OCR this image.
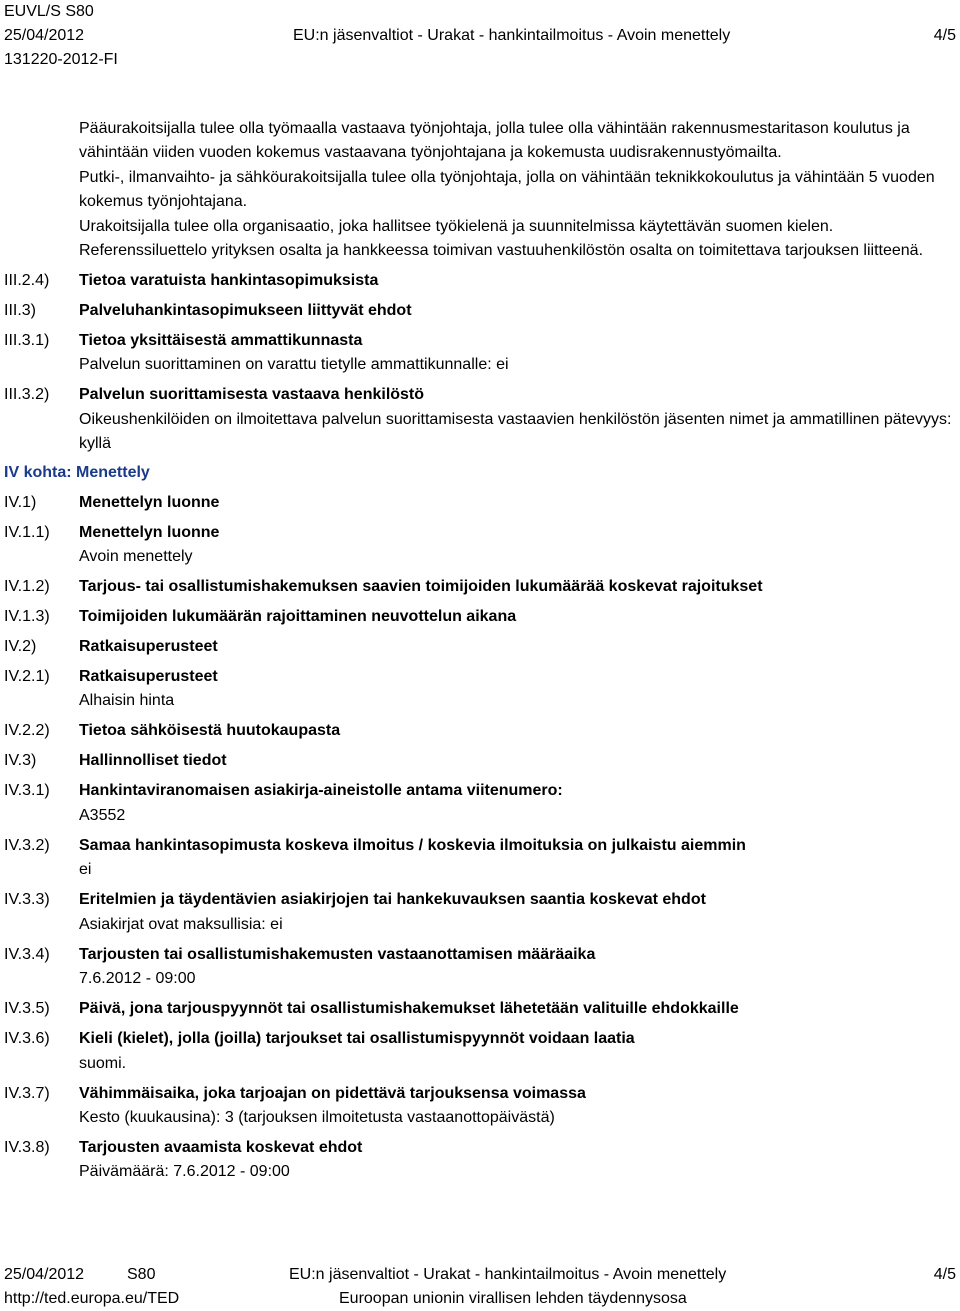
EUVL/S S80
25/04/2012	EU:n jäsenvaltiot - Urakat - hankintailmoitus - Avoin menettely	4/5
131220-2012-FI

Pääurakoitsijalla tulee olla työmaalla vastaava työnjohtaja, jolla tulee olla vähintään rakennusmestaritason koulutus ja vähintään viiden vuoden kokemus vastaavana työnjohtajana ja kokemusta uudisrakennustyömailta.

Putki-, ilmanvaihto- ja sähköurakoitsijalla tulee olla työnjohtaja, jolla on vähintään teknikkokoulutus ja vähintään 5 vuoden kokemus työnjohtajana.

Urakoitsijalla tulee olla organisaatio, joka hallitsee työkielenä ja suunnitelmissa käytettävän suomen kielen.

Referenssiluettelo yrityksen osalta ja hankkeessa toimivan vastuuhenkilöstön osalta on toimitettava tarjouksen liitteenä.

III.2.4) Tietoa varatuista hankintasopimuksista
III.3)	Palveluhankintasopimukseen liittyvät ehdot
III.3.1) Tietoa yksittäisestä ammattikunnasta
Palvelun suorittaminen on varattu tietylle ammattikunnalle: ei
III.3.2) Palvelun suorittamisesta vastaava henkilöstö
Oikeushenkilöiden on ilmoitettava palvelun suorittamisesta vastaavien henkilöstön jäsenten nimet ja ammatillinen pätevyys: kyllä
IV kohta: Menettely
IV.1)	Menettelyn luonne
IV.1.1) Menettelyn luonne
Avoin menettely
IV.1.2) Tarjous- tai osallistumishakemuksen saavien toimijoiden lukumäärää koskevat rajoitukset
IV.1.3) Toimijoiden lukumäärän rajoittaminen neuvottelun aikana
IV.2)	Ratkaisuperusteet
IV.2.1) Ratkaisuperusteet
Alhaisin hinta
IV.2.2) Tietoa sähköisestä huutokaupasta
IV.3)	Hallinnolliset tiedot
IV.3.1) Hankintaviranomaisen asiakirja-aineistolle antama viitenumero:
A3552
IV.3.2) Samaa hankintasopimusta koskeva ilmoitus / koskevia ilmoituksia on julkaistu aiemmin
ei
IV.3.3) Eritelmien ja täydentävien asiakirjojen tai hankekuvauksen saantia koskevat ehdot
Asiakirjat ovat maksullisia: ei
IV.3.4) Tarjousten tai osallistumishakemusten vastaanottamisen määräaika
7.6.2012 - 09:00
IV.3.5) Päivä, jona tarjouspyynnöt tai osallistumishakemukset lähetetään valituille ehdokkaille
IV.3.6) Kieli (kielet), jolla (joilla) tarjoukset tai osallistumispyynnöt voidaan laatia
suomi.
IV.3.7) Vähimmäisaika, joka tarjoajan on pidettävä tarjouksensa voimassa
Kesto (kuukausina): 3 (tarjouksen ilmoitetusta vastaanottopäivästä)
IV.3.8) Tarjousten avaamista koskevat ehdot
Päivämäärä: 7.6.2012 - 09:00
25/04/2012	S80	EU:n jäsenvaltiot - Urakat - hankintailmoitus - Avoin menettely	4/5
http://ted.europa.eu/TED	Euroopan unionin virallisen lehden täydennysosa
